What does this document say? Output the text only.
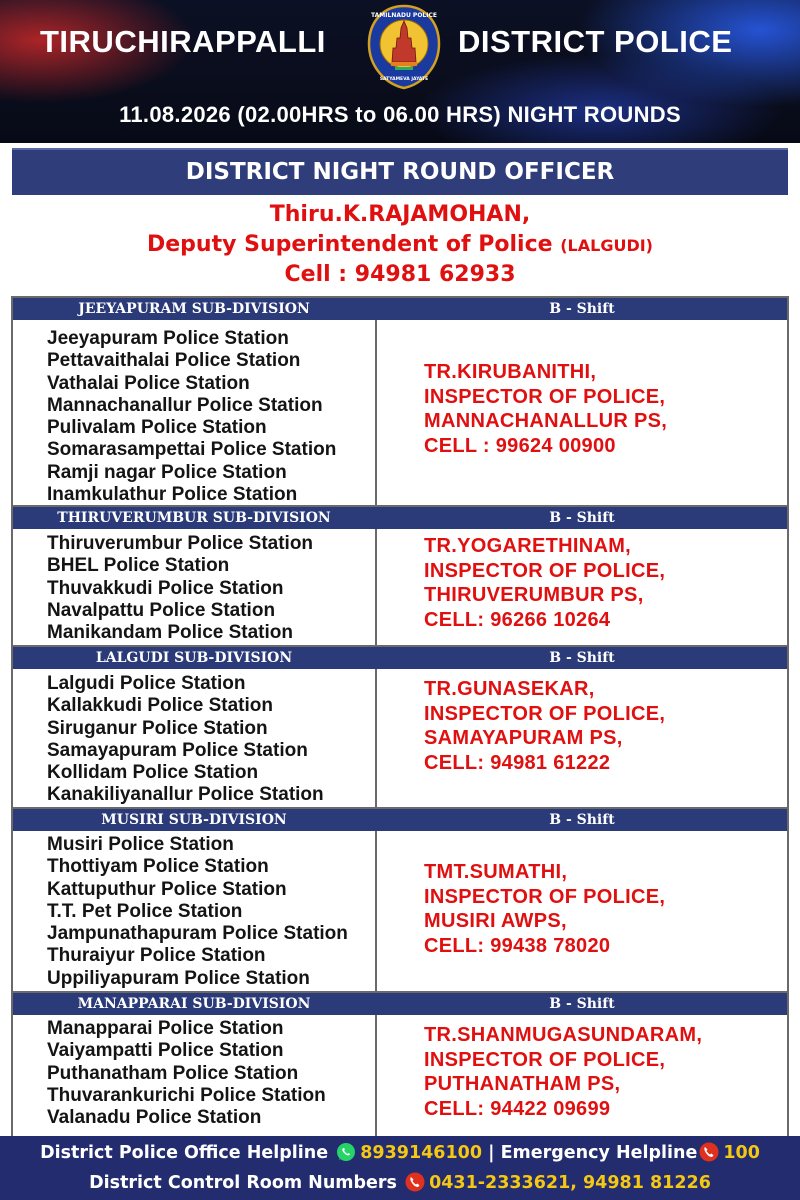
TIRUCHIRAPPALLI
TAMILNADU POLICE
SATYAMEVA JAYATE
DISTRICT POLICE
11.08.2026 (02.00HRS to 06.00 HRS) NIGHT ROUNDS
DISTRICT NIGHT ROUND OFFICER
Thiru.K.RAJAMOHAN,
Deputy Superintendent of Police (LALGUDI)
Cell : 94981 62933
JEEYAPURAM SUB-DIVISION	B - Shift
Jeeyapuram Police Station
Pettavaithalai Police Station
Vathalai Police Station
Mannachanallur Police Station
Pulivalam Police Station
Somarasampettai Police Station
Ramji nagar Police Station
Inamkulathur Police Station
TR.KIRUBANITHI,
INSPECTOR OF POLICE,
MANNACHANALLUR PS,
CELL : 99624 00900
THIRUVERUMBUR SUB-DIVISION	B - Shift
Thiruverumbur Police Station
BHEL Police Station
Thuvakkudi Police Station
Navalpattu Police Station
Manikandam Police Station
TR.YOGARETHINAM,
INSPECTOR OF POLICE,
THIRUVERUMBUR PS,
CELL: 96266 10264
LALGUDI SUB-DIVISION	B - Shift
Lalgudi Police Station
Kallakkudi Police Station
Siruganur Police Station
Samayapuram Police Station
Kollidam Police Station
Kanakiliyanallur Police Station
TR.GUNASEKAR,
INSPECTOR OF POLICE,
SAMAYAPURAM PS,
CELL: 94981 61222
MUSIRI SUB-DIVISION	B - Shift
Musiri Police Station
Thottiyam Police Station
Kattuputhur Police Station
T.T. Pet Police Station
Jampunathapuram Police Station
Thuraiyur Police Station
Uppiliyapuram Police Station
TMT.SUMATHI,
INSPECTOR OF POLICE,
MUSIRI AWPS,
CELL: 99438 78020
MANAPPARAI SUB-DIVISION	B - Shift
Manapparai Police Station
Vaiyampatti Police Station
Puthanatham Police Station
Thuvarankurichi Police Station
Valanadu Police Station
TR.SHANMUGASUNDARAM,
INSPECTOR OF POLICE,
PUTHANATHAM PS,
CELL: 94422 09699
District Police Office Helpline 8939146100 | Emergency Helpline 100
District Control Room Numbers 0431-2333621, 94981 81226
